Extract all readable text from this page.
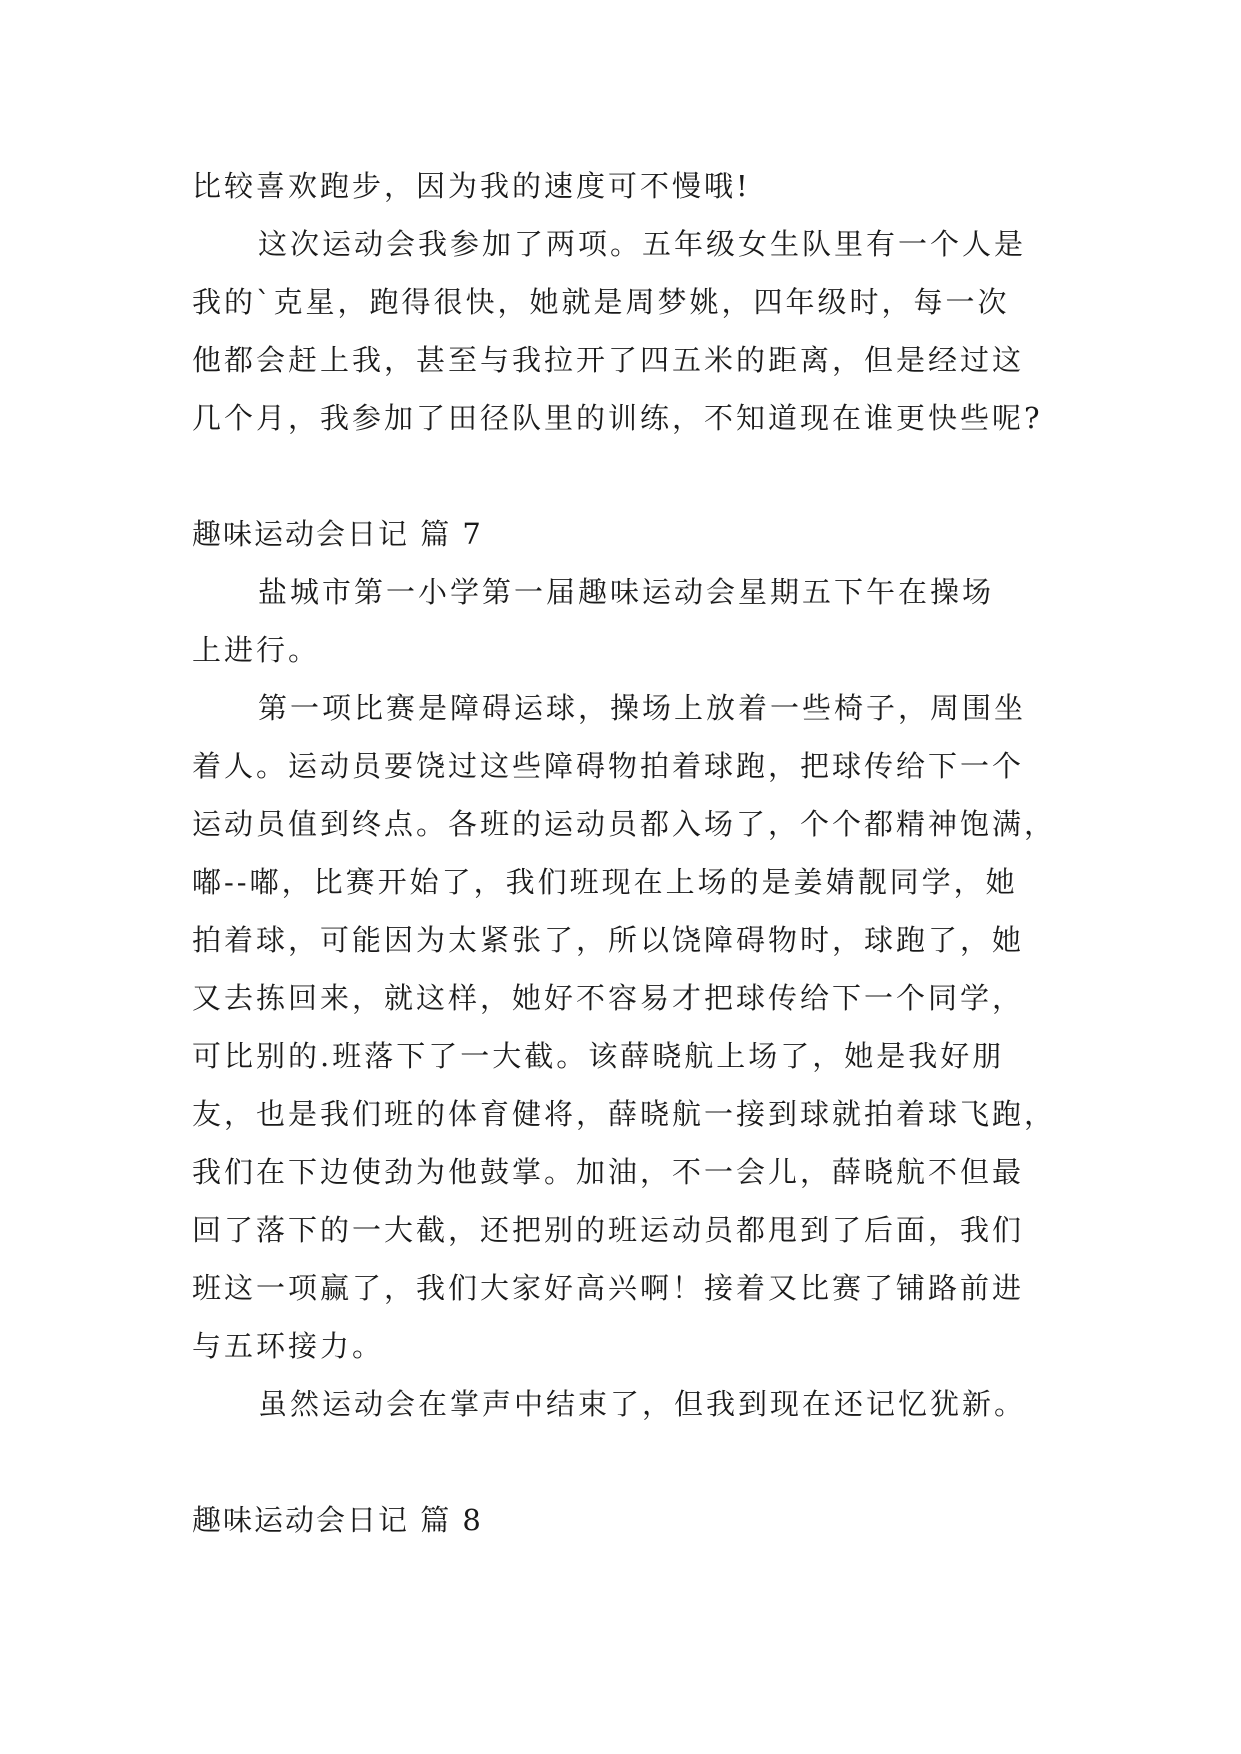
比较喜欢跑步，因为我的速度可不慢哦!
这次运动会我参加了两项。五年级女生队里有一个人是
我的`克星，跑得很快，她就是周梦姚，四年级时，每一次
他都会赶上我，甚至与我拉开了四五米的距离，但是经过这
几个月，我参加了田径队里的训练，不知道现在谁更快些呢?
趣味运动会日记 篇 7
盐城市第一小学第一届趣味运动会星期五下午在操场
上进行。
第一项比赛是障碍运球，操场上放着一些椅子，周围坐
着人。运动员要饶过这些障碍物拍着球跑，把球传给下一个
运动员值到终点。各班的运动员都入场了，个个都精神饱满，
嘟--嘟，比赛开始了，我们班现在上场的是姜婧靓同学，她
拍着球，可能因为太紧张了，所以饶障碍物时，球跑了，她
又去拣回来，就这样，她好不容易才把球传给下一个同学，
可比别的.班落下了一大截。该薛晓航上场了，她是我好朋
友，也是我们班的体育健将，薛晓航一接到球就拍着球飞跑，
我们在下边使劲为他鼓掌。加油，不一会儿，薛晓航不但最
回了落下的一大截，还把别的班运动员都甩到了后面，我们
班这一项赢了，我们大家好高兴啊！接着又比赛了铺路前进
与五环接力。
虽然运动会在掌声中结束了，但我到现在还记忆犹新。
趣味运动会日记 篇 8
